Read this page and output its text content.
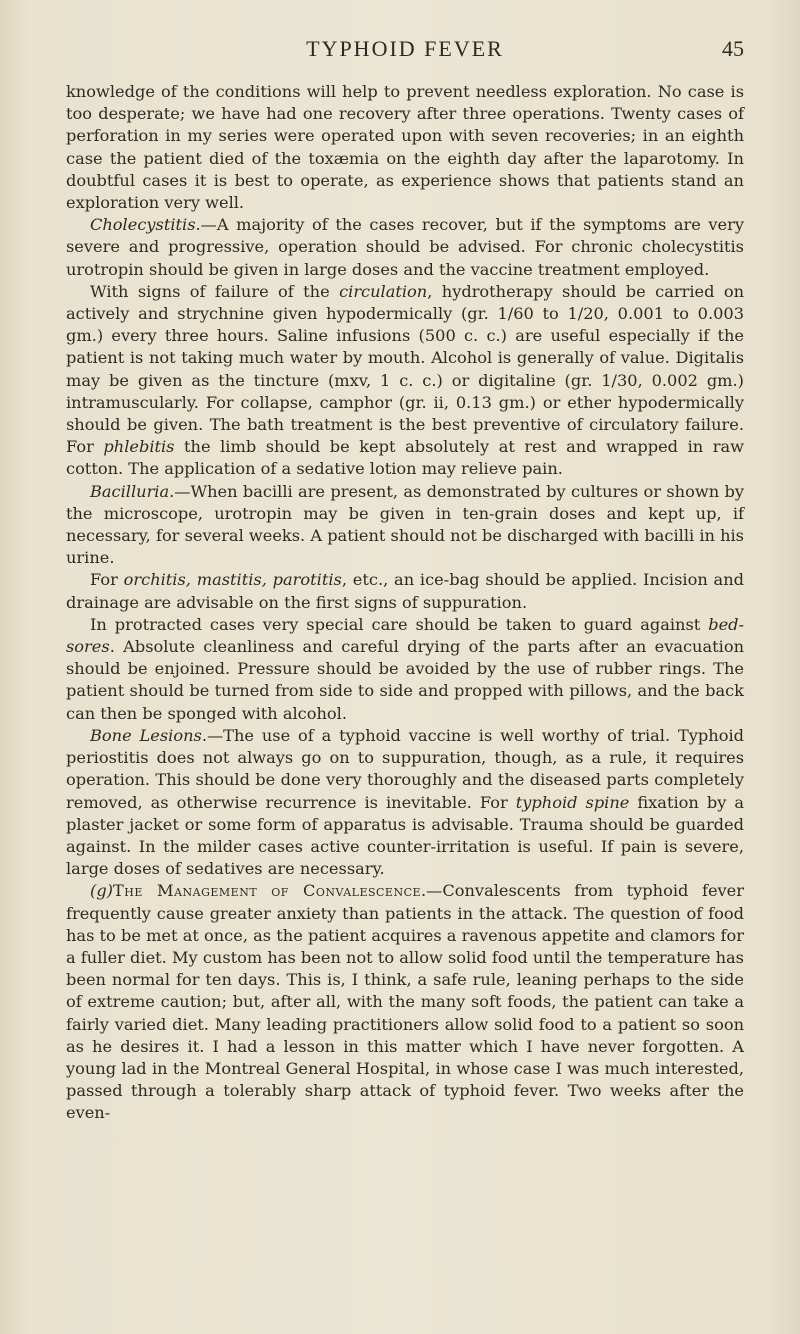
TYPHOID FEVER	45

knowledge of the conditions will help to prevent needless exploration. No case is too desperate; we have had one recovery after three operations. Twenty cases of perforation in my series were operated upon with seven recoveries; in an eighth case the patient died of the toxæmia on the eighth day after the laparotomy. In doubtful cases it is best to operate, as experience shows that patients stand an exploration very well.

Cholecystitis.—A majority of the cases recover, but if the symptoms are very severe and progressive, operation should be advised. For chronic cholecystitis urotropin should be given in large doses and the vaccine treatment employed.

With signs of failure of the circulation, hydrotherapy should be carried on actively and strychnine given hypodermically (gr. 1/60 to 1/20, 0.001 to 0.003 gm.) every three hours. Saline infusions (500 c. c.) are useful especially if the patient is not taking much water by mouth. Alcohol is generally of value. Digitalis may be given as the tincture (mxv, 1 c. c.) or digitaline (gr. 1/30, 0.002 gm.) intramuscularly. For collapse, camphor (gr. ii, 0.13 gm.) or ether hypodermically should be given. The bath treatment is the best preventive of circulatory failure. For phlebitis the limb should be kept absolutely at rest and wrapped in raw cotton. The application of a sedative lotion may relieve pain.

Bacilluria.—When bacilli are present, as demonstrated by cultures or shown by the microscope, urotropin may be given in ten-grain doses and kept up, if necessary, for several weeks. A patient should not be discharged with bacilli in his urine.

For orchitis, mastitis, parotitis, etc., an ice-bag should be applied. Incision and drainage are advisable on the first signs of suppuration.

In protracted cases very special care should be taken to guard against bed-sores. Absolute cleanliness and careful drying of the parts after an evacuation should be enjoined. Pressure should be avoided by the use of rubber rings. The patient should be turned from side to side and propped with pillows, and the back can then be sponged with alcohol.

Bone Lesions.—The use of a typhoid vaccine is well worthy of trial. Typhoid periostitis does not always go on to suppuration, though, as a rule, it requires operation. This should be done very thoroughly and the diseased parts completely removed, as otherwise recurrence is inevitable. For typhoid spine fixation by a plaster jacket or some form of apparatus is advisable. Trauma should be guarded against. In the milder cases active counter-irritation is useful. If pain is severe, large doses of sedatives are necessary.

(g)The Management of Convalescence.—Convalescents from typhoid fever frequently cause greater anxiety than patients in the attack. The question of food has to be met at once, as the patient acquires a ravenous appetite and clamors for a fuller diet. My custom has been not to allow solid food until the temperature has been normal for ten days. This is, I think, a safe rule, leaning perhaps to the side of extreme caution; but, after all, with the many soft foods, the patient can take a fairly varied diet. Many leading practitioners allow solid food to a patient so soon as he desires it. I had a lesson in this matter which I have never forgotten. A young lad in the Montreal General Hospital, in whose case I was much interested, passed through a tolerably sharp attack of typhoid fever. Two weeks after the even-
